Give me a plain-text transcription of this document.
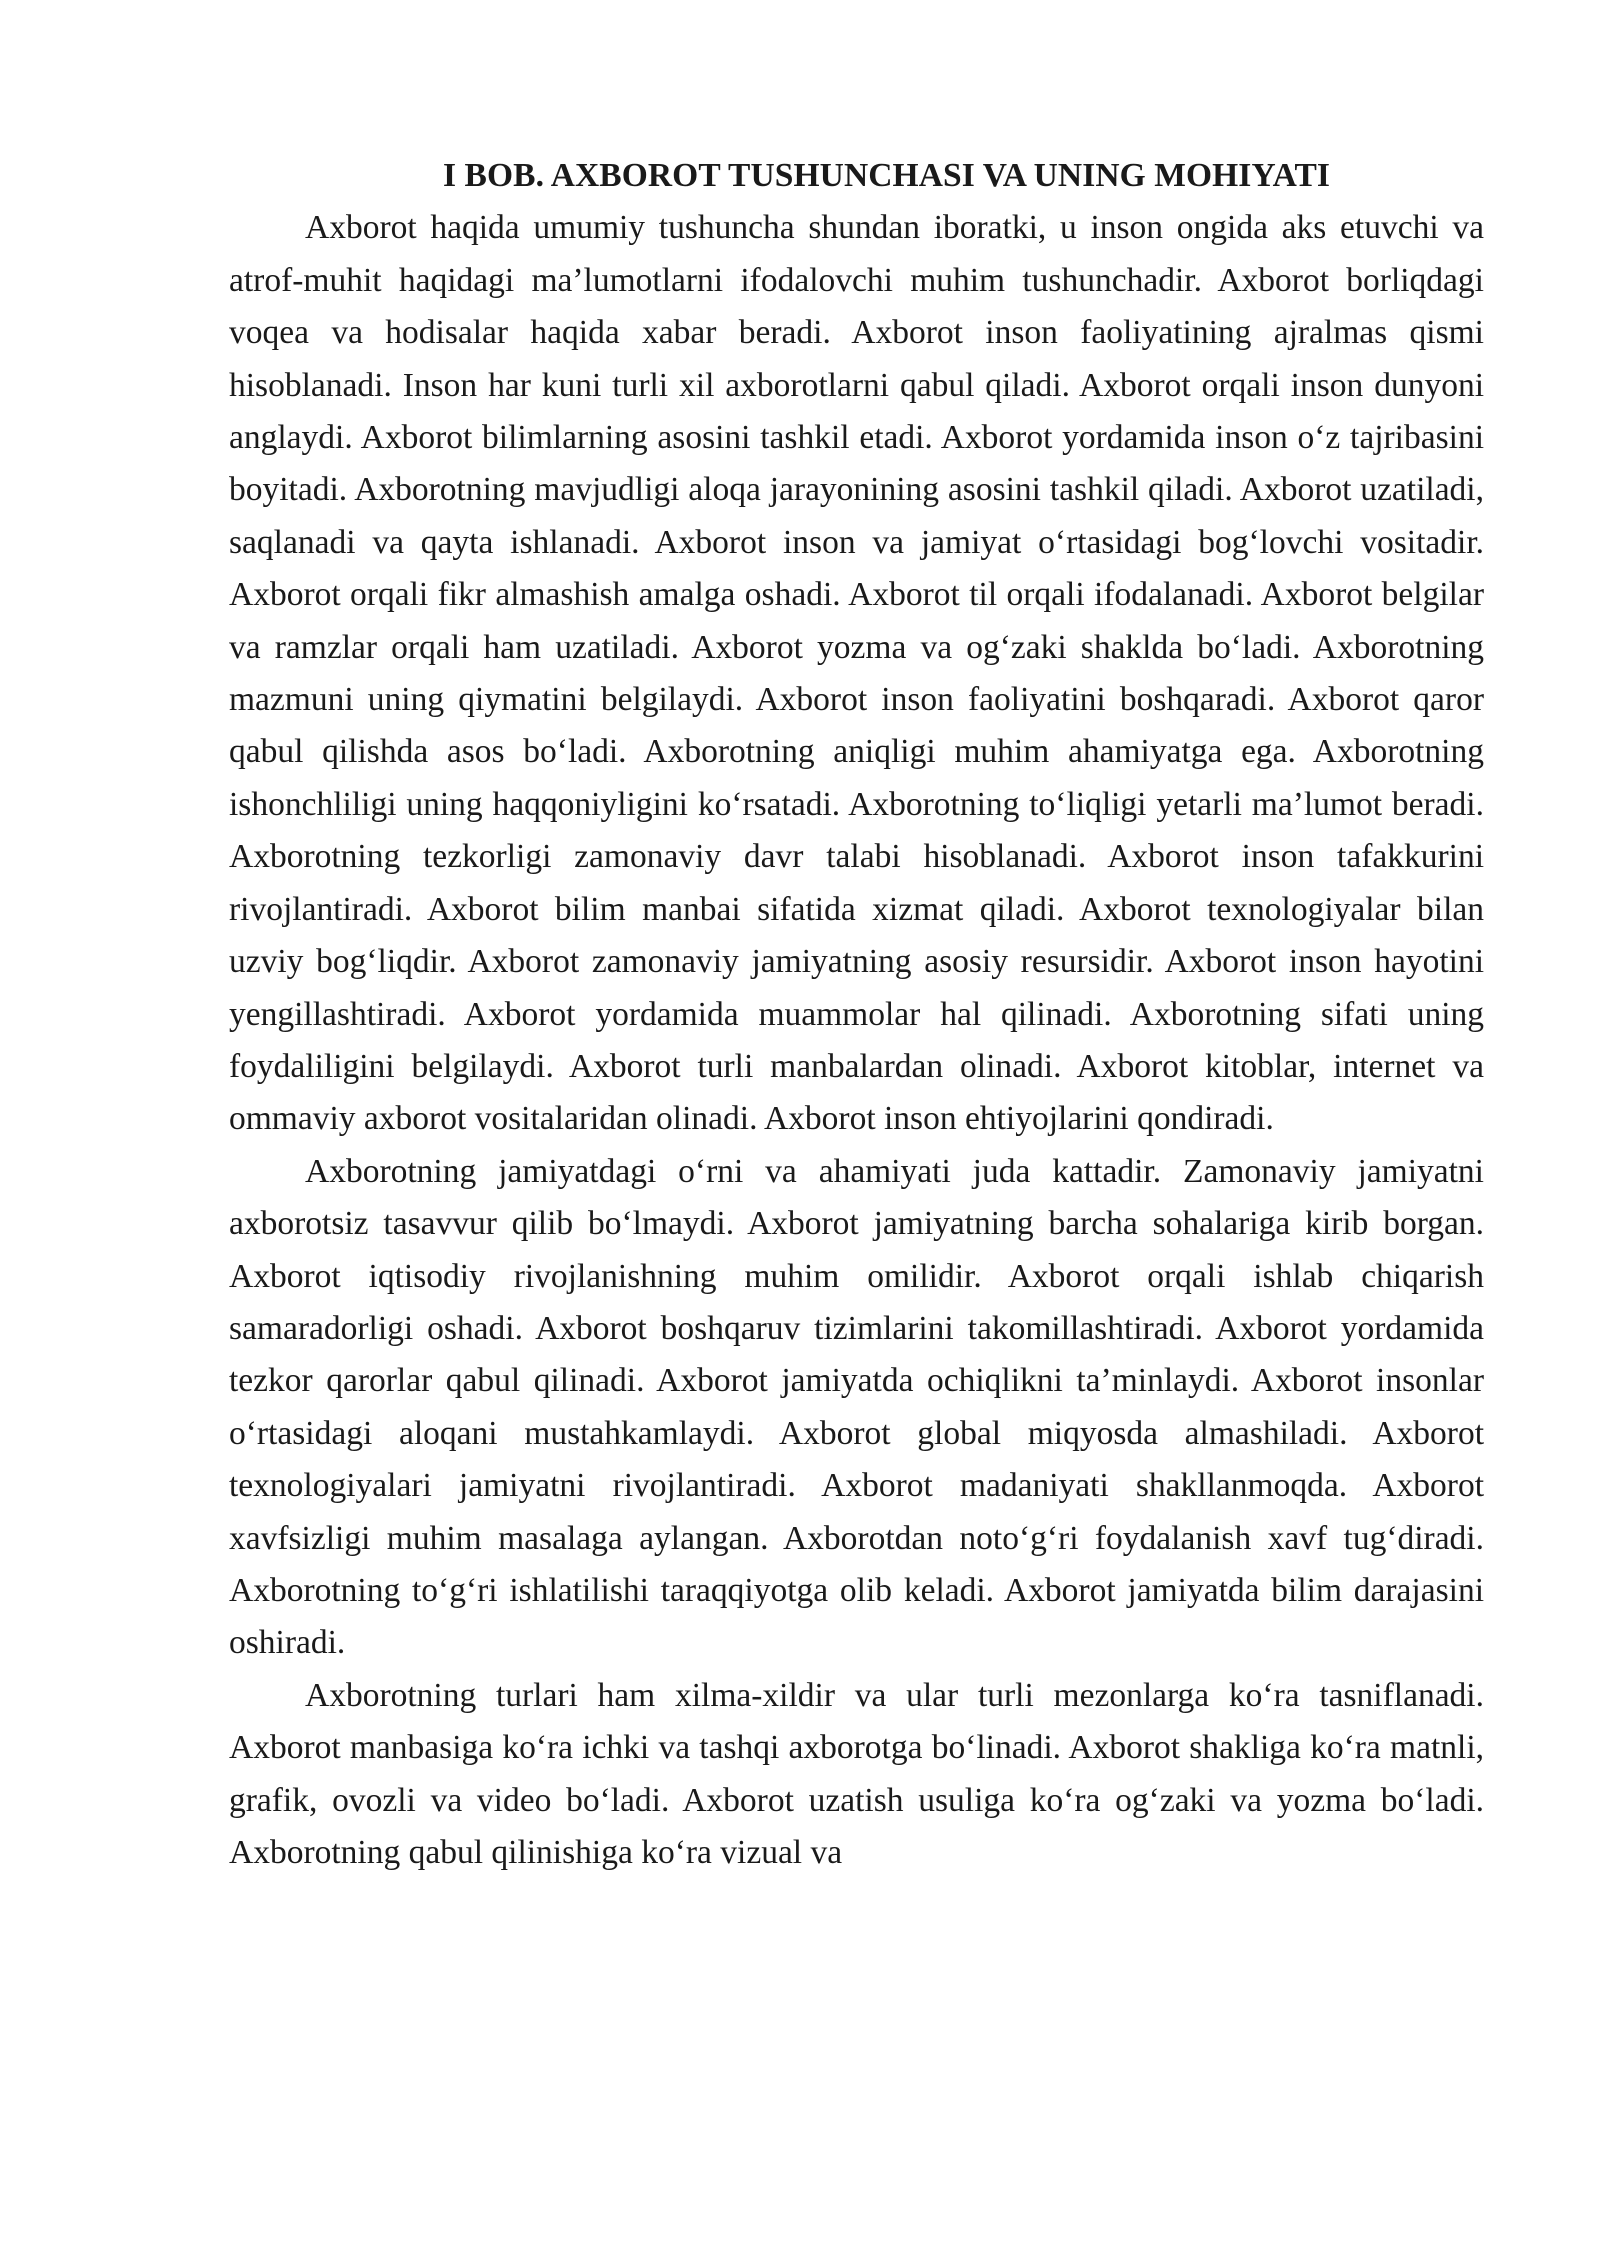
I BOB. AXBOROT TUSHUNCHASI VA UNING MOHIYATI

Axborot haqida umumiy tushuncha shundan iboratki, u inson ongida aks etuvchi va atrof-muhit haqidagi ma’lumotlarni ifodalovchi muhim tushunchadir. Axborot borliqdagi voqea va hodisalar haqida xabar beradi. Axborot inson faoliyatining ajralmas qismi hisoblanadi. Inson har kuni turli xil axborotlarni qabul qiladi. Axborot orqali inson dunyoni anglaydi. Axborot bilimlarning asosini tashkil etadi. Axborot yordamida inson o‘z tajribasini boyitadi. Axborotning mavjudligi aloqa jarayonining asosini tashkil qiladi. Axborot uzatiladi, saqlanadi va qayta ishlanadi. Axborot inson va jamiyat o‘rtasidagi bog‘lovchi vositadir. Axborot orqali fikr almashish amalga oshadi. Axborot til orqali ifodalanadi. Axborot belgilar va ramzlar orqali ham uzatiladi. Axborot yozma va og‘zaki shaklda bo‘ladi. Axborotning mazmuni uning qiymatini belgilaydi. Axborot inson faoliyatini boshqaradi. Axborot qaror qabul qilishda asos bo‘ladi. Axborotning aniqligi muhim ahamiyatga ega. Axborotning ishonchliligi uning haqqoniyligini ko‘rsatadi. Axborotning to‘liqligi yetarli ma’lumot beradi. Axborotning tezkorligi zamonaviy davr talabi hisoblanadi. Axborot inson tafakkurini rivojlantiradi. Axborot bilim manbai sifatida xizmat qiladi. Axborot texnologiyalar bilan uzviy bog‘liqdir. Axborot zamonaviy jamiyatning asosiy resursidir. Axborot inson hayotini yengillashtiradi. Axborot yordamida muammolar hal qilinadi. Axborotning sifati uning foydaliligini belgilaydi. Axborot turli manbalardan olinadi. Axborot kitoblar, internet va ommaviy axborot vositalaridan olinadi. Axborot inson ehtiyojlarini qondiradi.

Axborotning jamiyatdagi o‘rni va ahamiyati juda kattadir. Zamonaviy jamiyatni axborotsiz tasavvur qilib bo‘lmaydi. Axborot jamiyatning barcha sohalariga kirib borgan. Axborot iqtisodiy rivojlanishning muhim omilidir. Axborot orqali ishlab chiqarish samaradorligi oshadi. Axborot boshqaruv tizimlarini takomillashtiradi. Axborot yordamida tezkor qarorlar qabul qilinadi. Axborot jamiyatda ochiqlikni ta’minlaydi. Axborot insonlar o‘rtasidagi aloqani mustahkamlaydi. Axborot global miqyosda almashiladi. Axborot texnologiyalari jamiyatni rivojlantiradi. Axborot madaniyati shakllanmoqda. Axborot xavfsizligi muhim masalaga aylangan. Axborotdan noto‘g‘ri foydalanish xavf tug‘diradi. Axborotning to‘g‘ri ishlatilishi taraqqiyotga olib keladi. Axborot jamiyatda bilim darajasini oshiradi.

Axborotning turlari ham xilma-xildir va ular turli mezonlarga ko‘ra tasniflanadi. Axborot manbasiga ko‘ra ichki va tashqi axborotga bo‘linadi. Axborot shakliga ko‘ra matnli, grafik, ovozli va video bo‘ladi. Axborot uzatish usuliga ko‘ra og‘zaki va yozma bo‘ladi. Axborotning qabul qilinishiga ko‘ra vizual va
